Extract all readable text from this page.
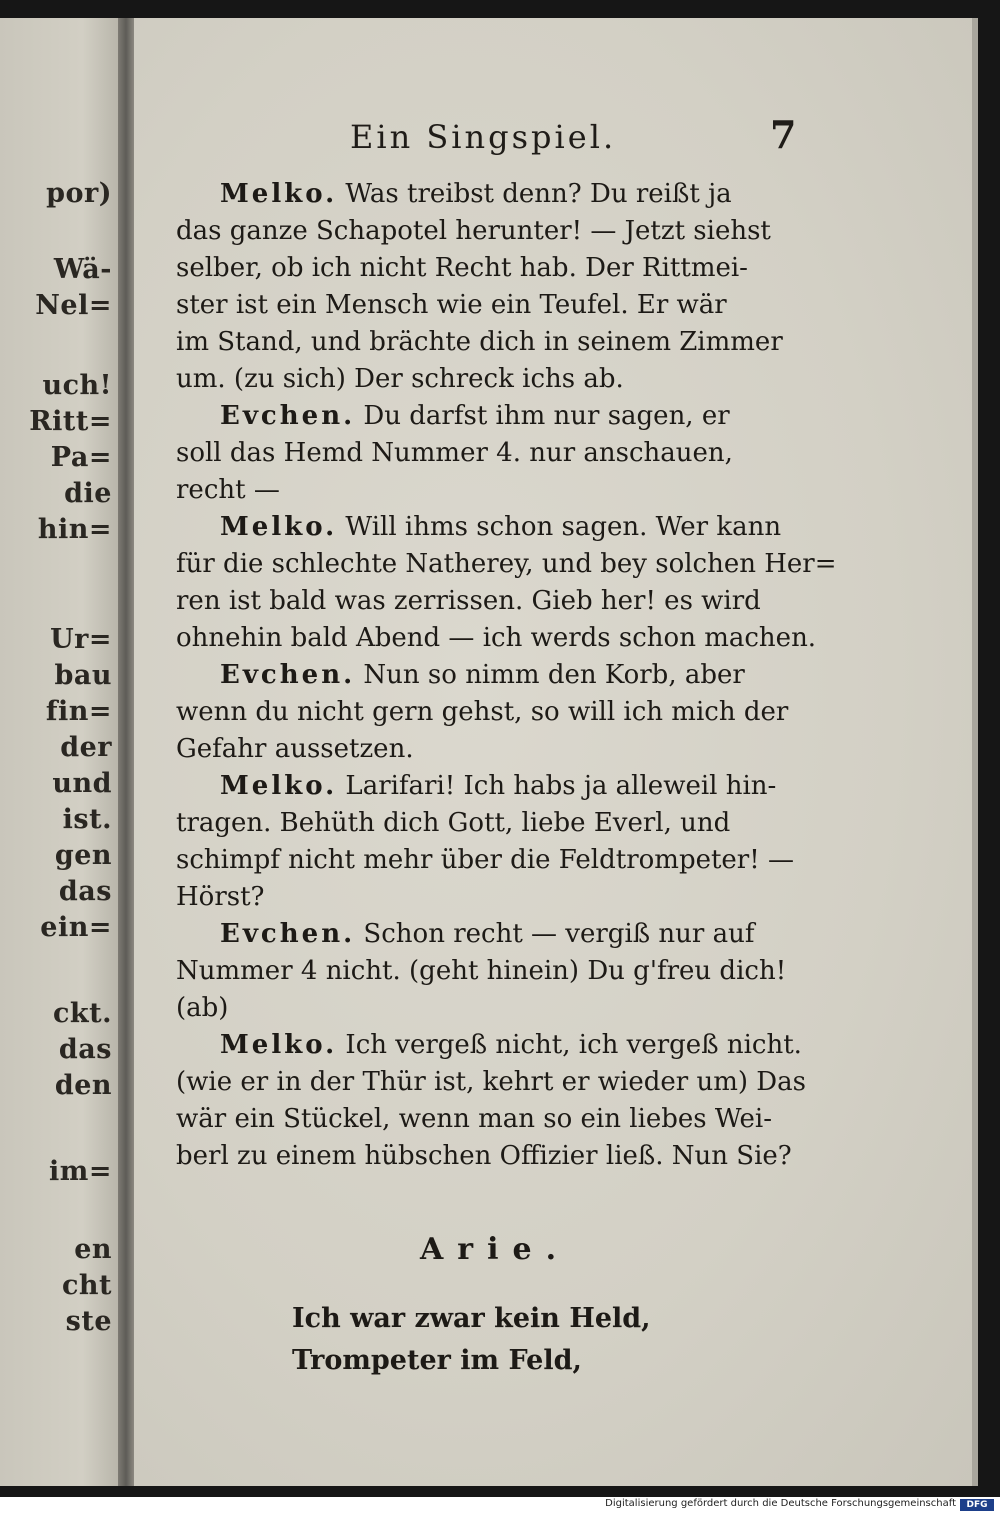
por)
Wä-
Nel=
uch!
Ritt=
Pa=
die
hin=
Ur=
bau
fin=
der
und
ist.
gen
das
ein=
ckt.
das
den
im=
en
cht
ste
Ein Singspiel.	7

Melko. Was treibst denn? Du reißt ja
das ganze Schapotel herunter! — Jetzt siehst
selber, ob ich nicht Recht hab. Der Rittmei-
ster ist ein Mensch wie ein Teufel. Er wär
im Stand, und brächte dich in seinem Zimmer
um. (zu sich) Der schreck ichs ab.

Evchen. Du darfst ihm nur sagen, er
soll das Hemd Nummer 4. nur anschauen,
recht —

Melko. Will ihms schon sagen. Wer kann
für die schlechte Natherey, und bey solchen Her=
ren ist bald was zerrissen. Gieb her! es wird
ohnehin bald Abend — ich werds schon machen.

Evchen. Nun so nimm den Korb, aber
wenn du nicht gern gehst, so will ich mich der
Gefahr aussetzen.

Melko. Larifari! Ich habs ja alleweil hin-
tragen. Behüth dich Gott, liebe Everl, und
schimpf nicht mehr über die Feldtrompeter! —
Hörst?

Evchen. Schon recht — vergiß nur auf
Nummer 4 nicht. (geht hinein) Du g'freu dich!
(ab)

Melko. Ich vergeß nicht, ich vergeß nicht.
(wie er in der Thür ist, kehrt er wieder um) Das
wär ein Stückel, wenn man so ein liebes Wei-
berl zu einem hübschen Offizier ließ. Nun Sie?

Arie.
Ich war zwar kein Held,
Trompeter im Feld,
Digitalisierung gefördert durch die Deutsche Forschungsgemeinschaft	DFG
